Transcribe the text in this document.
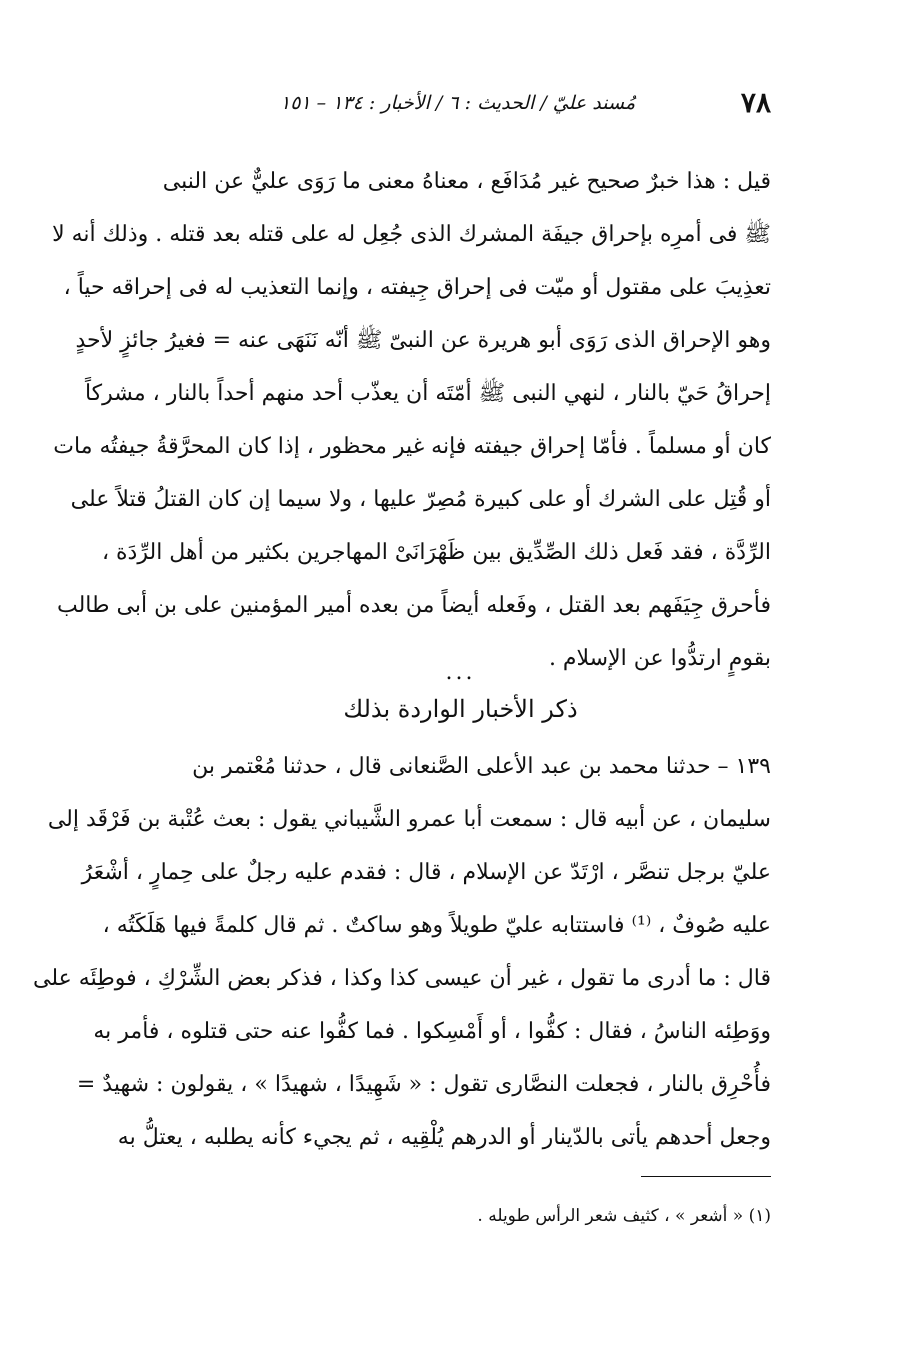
٧٨
مُسند عليّ / الحديث : ٦ / الأخبار : ١٣٤ – ١٥١
قيل : هذا خبرٌ صحيح غير مُدَافَع ، معناهُ معنى ما رَوَى عليٌّ عن النبى
ﷺ فى أمرِه بإحراق جيفَة المشرك الذى جُعِل له على قتله بعد قتله . وذلك أنه لا
تعذِيبَ على مقتول أو ميّت فى إحراق جِيفته ، وإنما التعذيب له فى إحراقه حياً ،
وهو الإحراق الذى رَوَى أبو هريرة عن النبىّ ﷺ أنّه نَنَهَى عنه = فغيرُ جائزٍ لأحدٍ
إحراقُ حَيّ بالنار ، لنهي النبى ﷺ أمّتَه أن يعذّب أحد منهم أحداً بالنار ، مشركاً
كان أو مسلماً . فأمّا إحراق جيفته فإنه غير محظور ، إذا كان المحرَّقةُ جيفتُه مات
أو قُتِل على الشرك أو على كبيرة مُصِرّ عليها ، ولا سيما إن كان القتلُ قتلاً على
الرِّدَّة ، فقد فَعل ذلك الصِّدِّيق بين ظَهْرَانَىْ المهاجرين بكثير من أهل الرِّدَة ،
فأحرق جِيَفَهم بعد القتل ، وفَعله أيضاً من بعده أمير المؤمنين على بن أبى طالب
بقومٍ ارتدُّوا عن الإسلام .
...
ذكر الأخبار الواردة بذلك
١٣٩ – حدثنا محمد بن عبد الأعلى الصَّنعانى قال ، حدثنا مُعْتمر بن
سليمان ، عن أبيه قال : سمعت أبا عمرو الشَّيباني يقول : بعث عُتْبة بن فَرْقَد إلى
عليّ برجل تنصَّر ، ارْتَدّ عن الإسلام ، قال : فقدم عليه رجلٌ على حِمارٍ ، أشْعَرُ
عليه صُوفٌ ، ⁽¹⁾ فاستتابه عليّ طويلاً وهو ساكتٌ . ثم قال كلمةً فيها هَلَكَتُه ،
قال : ما أدرى ما تقول ، غير أن عيسى كذا وكذا ، فذكر بعض الشِّرْكِ ، فوطِئَه على
ووَطِئه الناسُ ، فقال : كفُّوا ، أو أَمْسِكوا . فما كفُّوا عنه حتى قتلوه ، فأمر به
فأُحْرِق بالنار ، فجعلت النصَّارى تقول : « شَهِيدًا ، شهيدًا » ، يقولون : شهيدٌ =
وجعل أحدهم يأتى بالدّينار أو الدرهم يُلْقِيه ، ثم يجيء كأنه يطلبه ، يعتلُّ به
(١) « أشعر » ، كثيف شعر الرأس طويله .
